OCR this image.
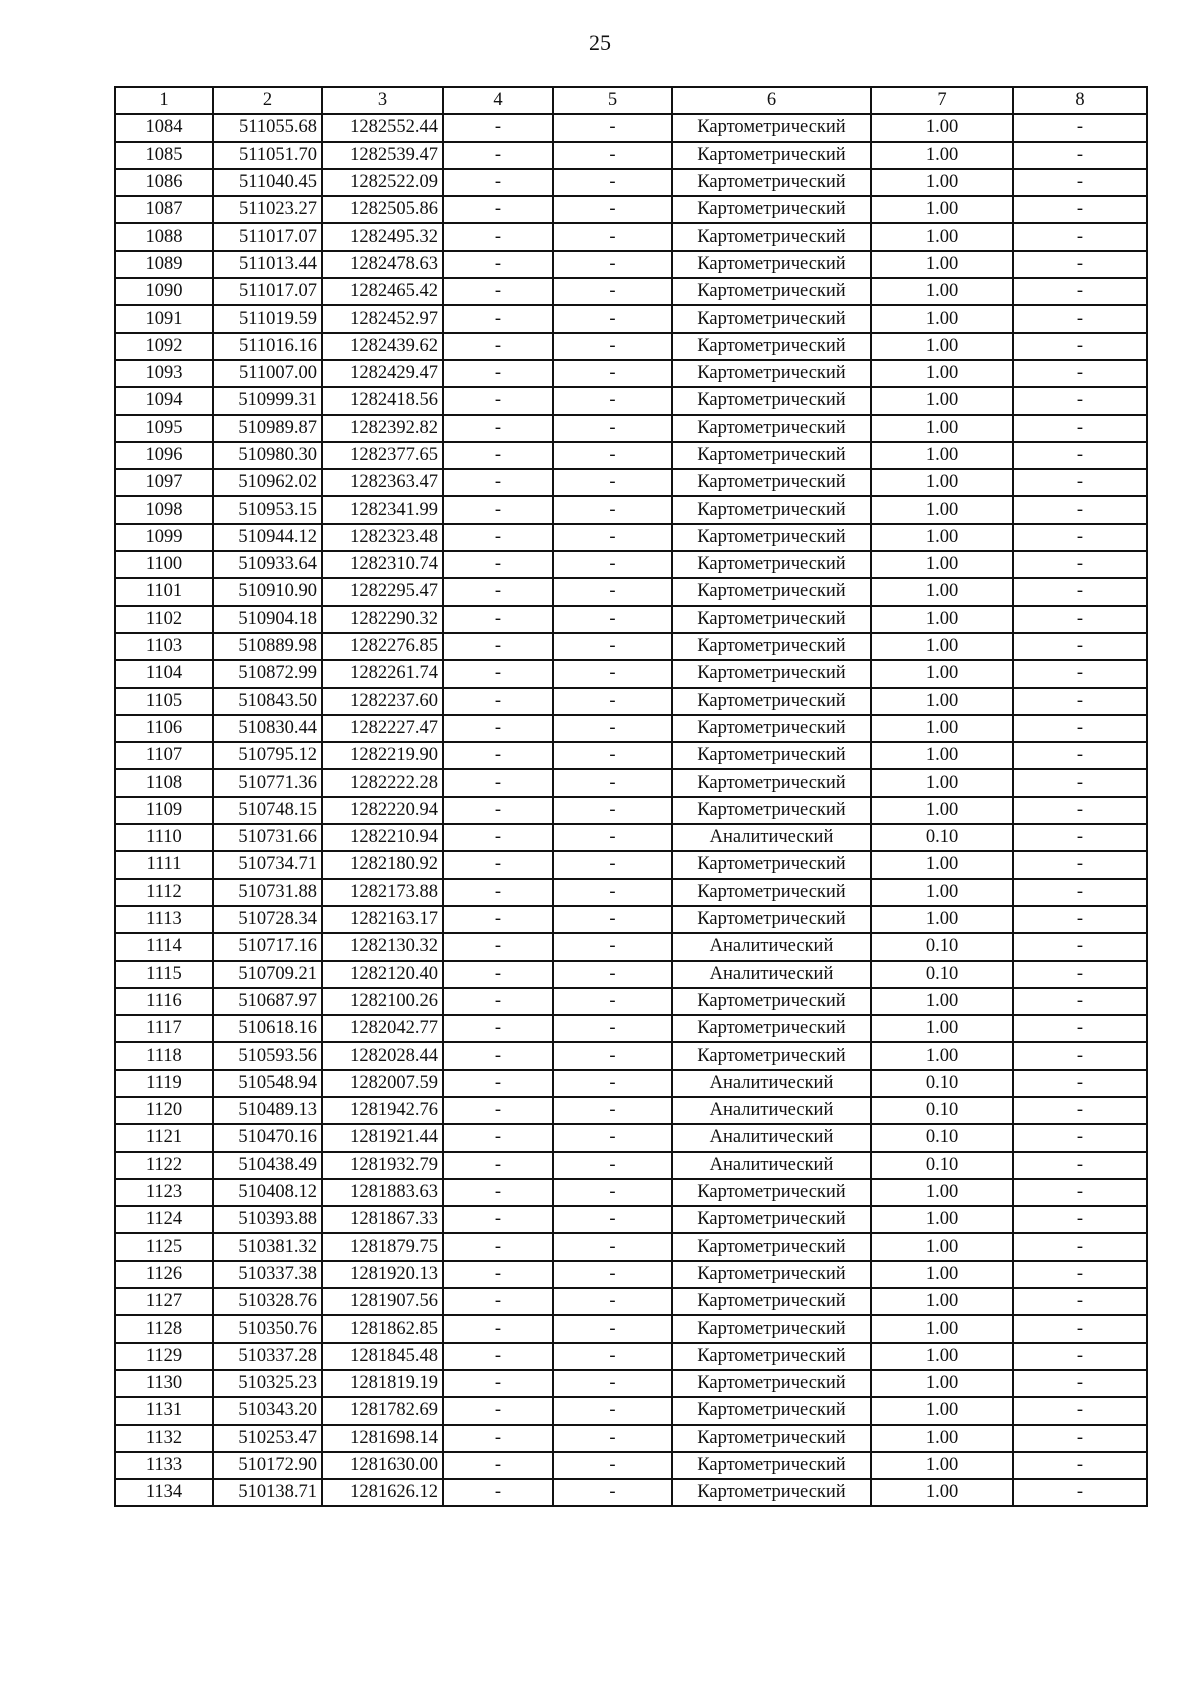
25
1	2	3	4	5	6	7	8
1084	511055.68	1282552.44	-	-	Картометрический	1.00	-
1085	511051.70	1282539.47	-	-	Картометрический	1.00	-
1086	511040.45	1282522.09	-	-	Картометрический	1.00	-
1087	511023.27	1282505.86	-	-	Картометрический	1.00	-
1088	511017.07	1282495.32	-	-	Картометрический	1.00	-
1089	511013.44	1282478.63	-	-	Картометрический	1.00	-
1090	511017.07	1282465.42	-	-	Картометрический	1.00	-
1091	511019.59	1282452.97	-	-	Картометрический	1.00	-
1092	511016.16	1282439.62	-	-	Картометрический	1.00	-
1093	511007.00	1282429.47	-	-	Картометрический	1.00	-
1094	510999.31	1282418.56	-	-	Картометрический	1.00	-
1095	510989.87	1282392.82	-	-	Картометрический	1.00	-
1096	510980.30	1282377.65	-	-	Картометрический	1.00	-
1097	510962.02	1282363.47	-	-	Картометрический	1.00	-
1098	510953.15	1282341.99	-	-	Картометрический	1.00	-
1099	510944.12	1282323.48	-	-	Картометрический	1.00	-
1100	510933.64	1282310.74	-	-	Картометрический	1.00	-
1101	510910.90	1282295.47	-	-	Картометрический	1.00	-
1102	510904.18	1282290.32	-	-	Картометрический	1.00	-
1103	510889.98	1282276.85	-	-	Картометрический	1.00	-
1104	510872.99	1282261.74	-	-	Картометрический	1.00	-
1105	510843.50	1282237.60	-	-	Картометрический	1.00	-
1106	510830.44	1282227.47	-	-	Картометрический	1.00	-
1107	510795.12	1282219.90	-	-	Картометрический	1.00	-
1108	510771.36	1282222.28	-	-	Картометрический	1.00	-
1109	510748.15	1282220.94	-	-	Картометрический	1.00	-
1110	510731.66	1282210.94	-	-	Аналитический	0.10	-
1111	510734.71	1282180.92	-	-	Картометрический	1.00	-
1112	510731.88	1282173.88	-	-	Картометрический	1.00	-
1113	510728.34	1282163.17	-	-	Картометрический	1.00	-
1114	510717.16	1282130.32	-	-	Аналитический	0.10	-
1115	510709.21	1282120.40	-	-	Аналитический	0.10	-
1116	510687.97	1282100.26	-	-	Картометрический	1.00	-
1117	510618.16	1282042.77	-	-	Картометрический	1.00	-
1118	510593.56	1282028.44	-	-	Картометрический	1.00	-
1119	510548.94	1282007.59	-	-	Аналитический	0.10	-
1120	510489.13	1281942.76	-	-	Аналитический	0.10	-
1121	510470.16	1281921.44	-	-	Аналитический	0.10	-
1122	510438.49	1281932.79	-	-	Аналитический	0.10	-
1123	510408.12	1281883.63	-	-	Картометрический	1.00	-
1124	510393.88	1281867.33	-	-	Картометрический	1.00	-
1125	510381.32	1281879.75	-	-	Картометрический	1.00	-
1126	510337.38	1281920.13	-	-	Картометрический	1.00	-
1127	510328.76	1281907.56	-	-	Картометрический	1.00	-
1128	510350.76	1281862.85	-	-	Картометрический	1.00	-
1129	510337.28	1281845.48	-	-	Картометрический	1.00	-
1130	510325.23	1281819.19	-	-	Картометрический	1.00	-
1131	510343.20	1281782.69	-	-	Картометрический	1.00	-
1132	510253.47	1281698.14	-	-	Картометрический	1.00	-
1133	510172.90	1281630.00	-	-	Картометрический	1.00	-
1134	510138.71	1281626.12	-	-	Картометрический	1.00	-
